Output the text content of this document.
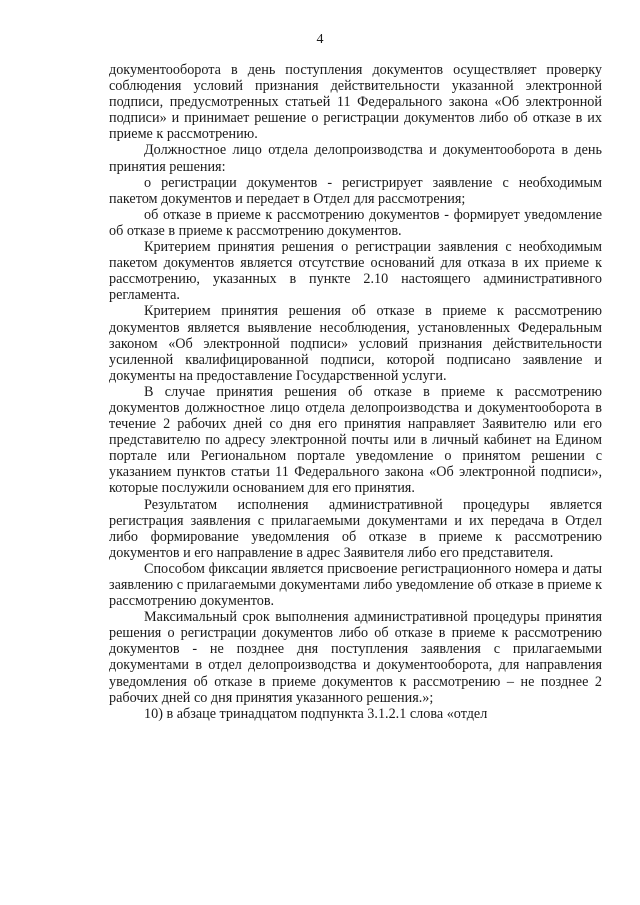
4

документооборота в день поступления документов осуществляет проверку соблюдения условий признания действительности указанной электронной подписи, предусмотренных статьей 11 Федерального закона «Об электронной подписи» и принимает решение о регистрации документов либо об отказе в их приеме к рассмотрению.

Должностное лицо отдела делопроизводства и документооборота в день принятия решения:

о регистрации документов - регистрирует заявление с необходимым пакетом документов и передает в Отдел для рассмотрения;

об отказе в приеме к рассмотрению документов - формирует уведомление об отказе в приеме к рассмотрению документов.

Критерием принятия решения о регистрации заявления с необходимым пакетом документов является отсутствие оснований для отказа в их приеме к рассмотрению, указанных в пункте 2.10 настоящего административного регламента.

Критерием принятия решения об отказе в приеме к рассмотрению документов является выявление несоблюдения, установленных Федеральным законом «Об электронной подписи» условий признания действительности усиленной квалифицированной подписи, которой подписано заявление и документы на предоставление Государственной услуги.

В случае принятия решения об отказе в приеме к рассмотрению документов должностное лицо отдела делопроизводства и документооборота в течение 2 рабочих дней со дня его принятия направляет Заявителю или его представителю по адресу электронной почты или в личный кабинет на Едином портале или Региональном портале уведомление о принятом решении с указанием пунктов статьи 11 Федерального закона «Об электронной подписи», которые послужили основанием для его принятия.

Результатом исполнения административной процедуры является регистрация заявления с прилагаемыми документами и их передача в Отдел либо формирование уведомления об отказе в приеме к рассмотрению документов и его направление в адрес Заявителя либо его представителя.

Способом фиксации является присвоение регистрационного номера и даты заявлению с прилагаемыми документами либо уведомление об отказе в приеме к рассмотрению документов.

Максимальный срок выполнения административной процедуры принятия решения о регистрации документов либо об отказе в приеме к рассмотрению документов - не позднее дня поступления заявления с прилагаемыми документами в отдел делопроизводства и документооборота, для направления уведомления об отказе в приеме документов к рассмотрению – не позднее 2 рабочих дней со дня принятия указанного решения.»;

10) в абзаце тринадцатом подпункта 3.1.2.1 слова «отдел
